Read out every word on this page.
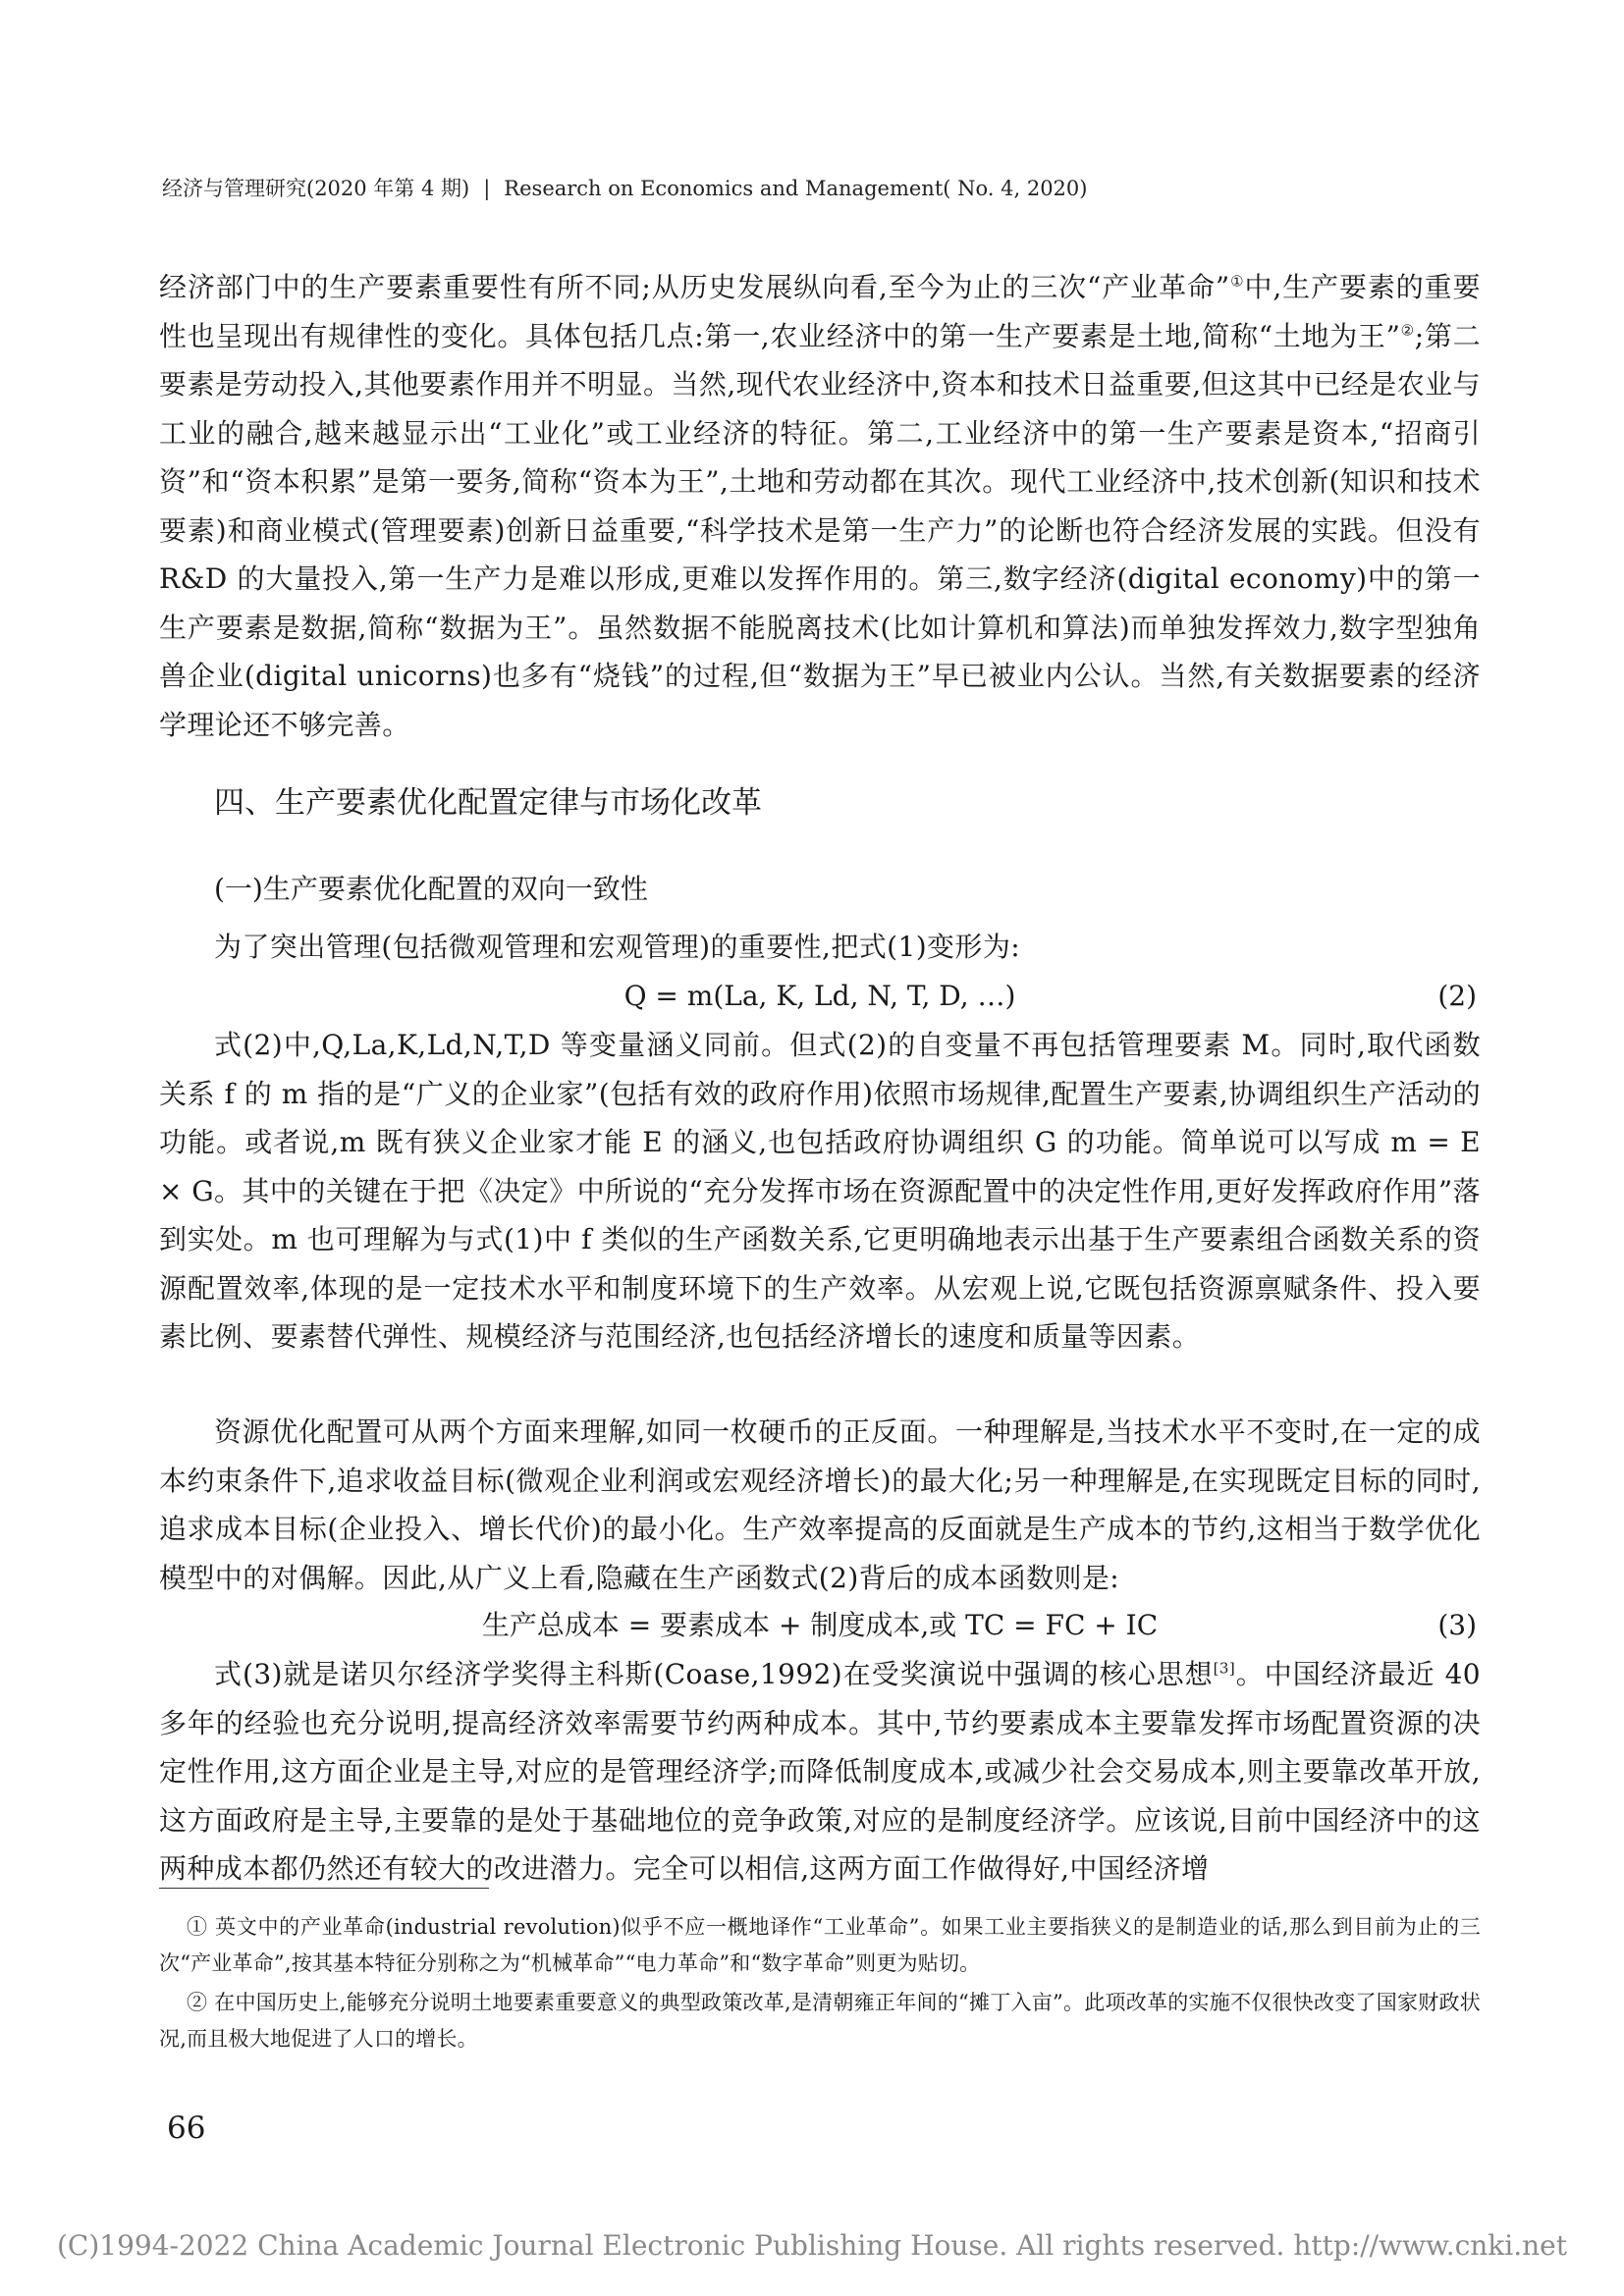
经济与管理研究(2020 年第 4 期) | Research on Economics and Management( No. 4, 2020)

经济部门中的生产要素重要性有所不同;从历史发展纵向看,至今为止的三次“产业革命”①中,生产要素的重要性也呈现出有规律性的变化。具体包括几点:第一,农业经济中的第一生产要素是土地,简称“土地为王”②;第二要素是劳动投入,其他要素作用并不明显。当然,现代农业经济中,资本和技术日益重要,但这其中已经是农业与工业的融合,越来越显示出“工业化”或工业经济的特征。第二,工业经济中的第一生产要素是资本,“招商引资”和“资本积累”是第一要务,简称“资本为王”,土地和劳动都在其次。现代工业经济中,技术创新(知识和技术要素)和商业模式(管理要素)创新日益重要,“科学技术是第一生产力”的论断也符合经济发展的实践。但没有 R&D 的大量投入,第一生产力是难以形成,更难以发挥作用的。第三,数字经济(digital economy)中的第一生产要素是数据,简称“数据为王”。虽然数据不能脱离技术(比如计算机和算法)而单独发挥效力,数字型独角兽企业(digital unicorns)也多有“烧钱”的过程,但“数据为王”早已被业内公认。当然,有关数据要素的经济学理论还不够完善。

四、生产要素优化配置定律与市场化改革
(一)生产要素优化配置的双向一致性

为了突出管理(包括微观管理和宏观管理)的重要性,把式(1)变形为:

Q = m(La, K, Ld, N, T, D, …)	(2)

式(2)中,Q,La,K,Ld,N,T,D 等变量涵义同前。但式(2)的自变量不再包括管理要素 M。同时,取代函数关系 f 的 m 指的是“广义的企业家”(包括有效的政府作用)依照市场规律,配置生产要素,协调组织生产活动的功能。或者说,m 既有狭义企业家才能 E 的涵义,也包括政府协调组织 G 的功能。简单说可以写成 m = E × G。其中的关键在于把《决定》中所说的“充分发挥市场在资源配置中的决定性作用,更好发挥政府作用”落到实处。m 也可理解为与式(1)中 f 类似的生产函数关系,它更明确地表示出基于生产要素组合函数关系的资源配置效率,体现的是一定技术水平和制度环境下的生产效率。从宏观上说,它既包括资源禀赋条件、投入要素比例、要素替代弹性、规模经济与范围经济,也包括经济增长的速度和质量等因素。

资源优化配置可从两个方面来理解,如同一枚硬币的正反面。一种理解是,当技术水平不变时,在一定的成本约束条件下,追求收益目标(微观企业利润或宏观经济增长)的最大化;另一种理解是,在实现既定目标的同时,追求成本目标(企业投入、增长代价)的最小化。生产效率提高的反面就是生产成本的节约,这相当于数学优化模型中的对偶解。因此,从广义上看,隐藏在生产函数式(2)背后的成本函数则是:

生产总成本 = 要素成本 + 制度成本,或 TC = FC + IC	(3)

式(3)就是诺贝尔经济学奖得主科斯(Coase,1992)在受奖演说中强调的核心思想[3]。中国经济最近 40 多年的经验也充分说明,提高经济效率需要节约两种成本。其中,节约要素成本主要靠发挥市场配置资源的决定性作用,这方面企业是主导,对应的是管理经济学;而降低制度成本,或减少社会交易成本,则主要靠改革开放,这方面政府是主导,主要靠的是处于基础地位的竞争政策,对应的是制度经济学。应该说,目前中国经济中的这两种成本都仍然还有较大的改进潜力。完全可以相信,这两方面工作做得好,中国经济增

① 英文中的产业革命(industrial revolution)似乎不应一概地译作“工业革命”。如果工业主要指狭义的是制造业的话,那么到目前为止的三次“产业革命”,按其基本特征分别称之为“机械革命”“电力革命”和“数字革命”则更为贴切。

② 在中国历史上,能够充分说明土地要素重要意义的典型政策改革,是清朝雍正年间的“摊丁入亩”。此项改革的实施不仅很快改变了国家财政状况,而且极大地促进了人口的增长。

66
(C)1994-2022 China Academic Journal Electronic Publishing House. All rights reserved. http://www.cnki.net
